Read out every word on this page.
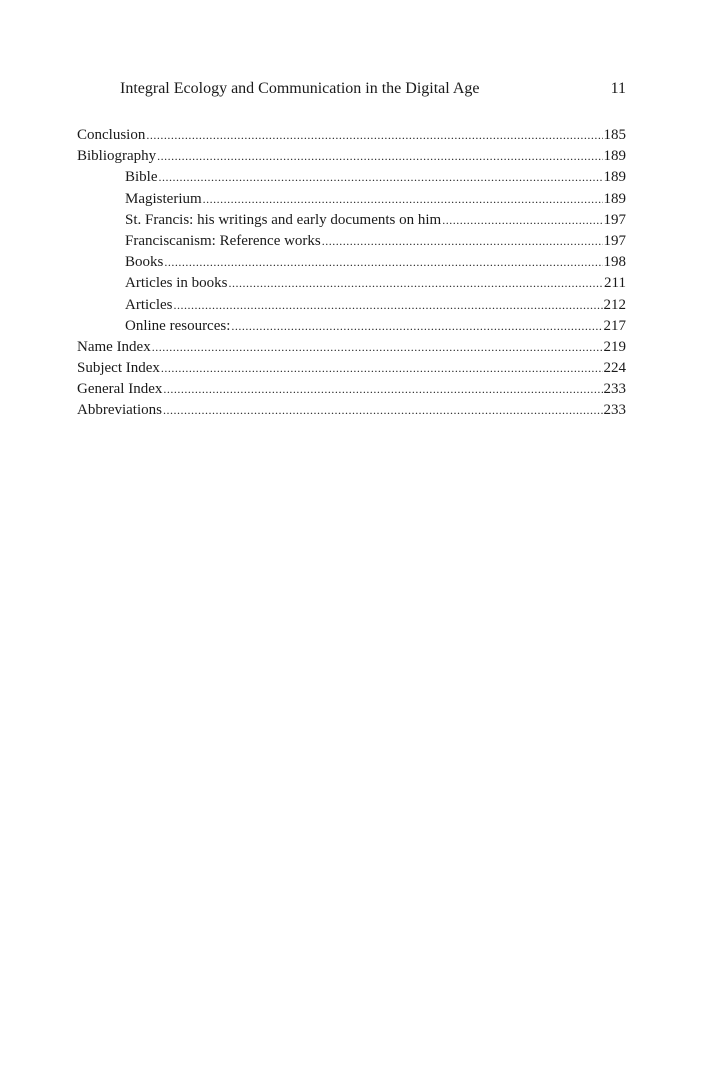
Integral Ecology and Communication in the Digital Age	11
Conclusion .....	185
Bibliography .....	189
Bible .....	189
Magisterium .....	189
St. Francis: his writings and early documents on him .....	197
Franciscanism: Reference works .....	197
Books .....	198
Articles in books .....	211
Articles .....	212
Online resources: .....	217
Name Index .....	219
Subject Index .....	224
General Index .....	233
Abbreviations .....	233
